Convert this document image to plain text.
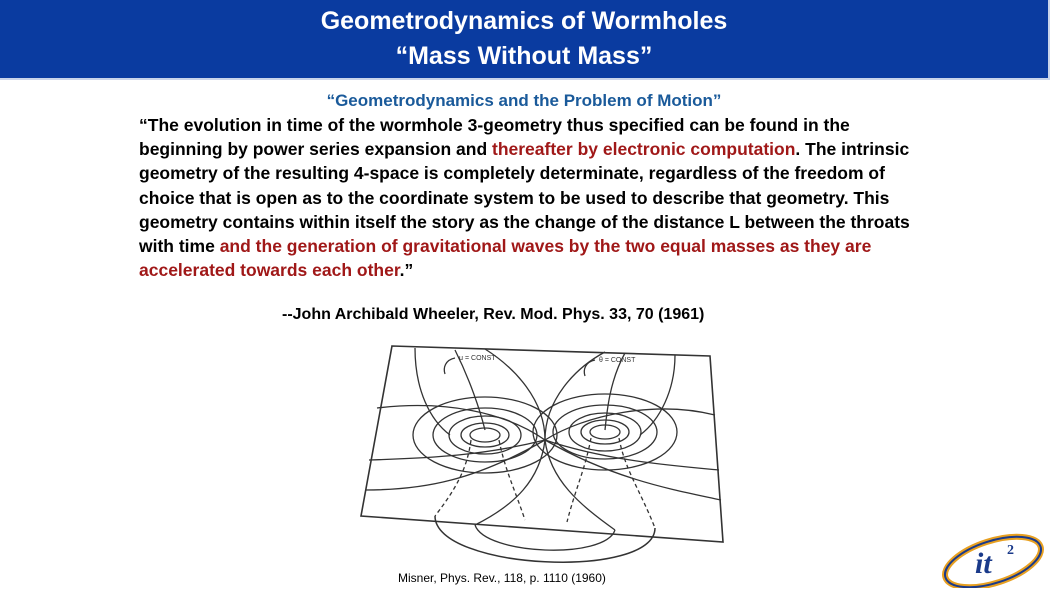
Geometrodynamics of Wormholes
“Mass Without Mass”
“Geometrodynamics and the Problem of Motion”
“The evolution in time of the wormhole 3-geometry thus specified can be found in the beginning by power series expansion and thereafter by electronic computation. The intrinsic geometry of the resulting 4-space is completely determinate, regardless of the freedom of choice that is open as to the coordinate system to be used to describe that geometry. This geometry contains within itself the story as the change of the distance L between the throats with time and the generation of gravitational waves by the two equal masses as they are accelerated towards each other.”
--John Archibald Wheeler, Rev. Mod. Phys. 33, 70 (1961)
μ = CONST	θ = CONST
Misner, Phys. Rev., 118, p. 1110 (1960)	it 2
